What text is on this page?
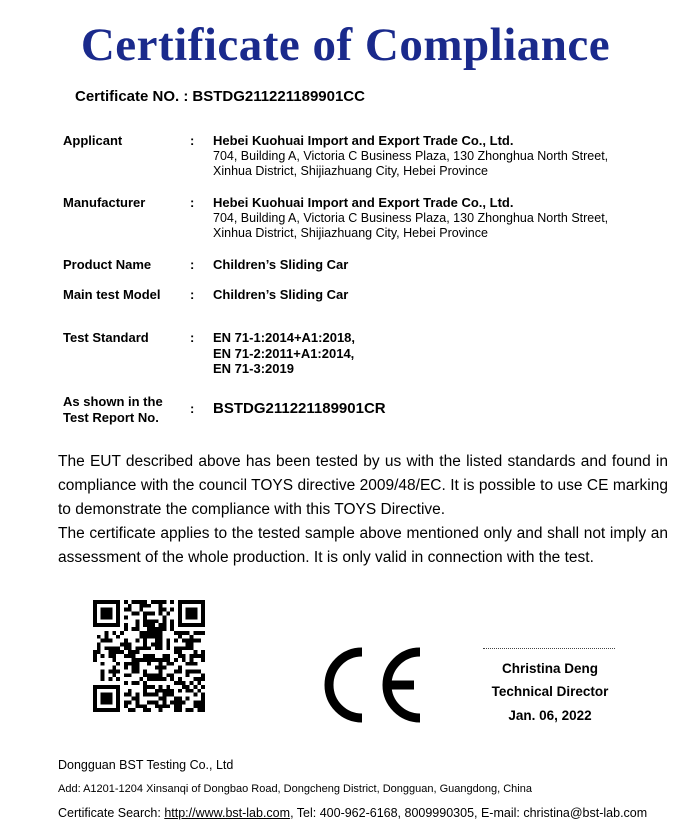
Certificate of Compliance
Certificate NO. : BSTDG211221189901CC
Applicant	: Hebei Kuohuai Import and Export Trade Co., Ltd.
704, Building A, Victoria C Business Plaza, 130 Zhonghua North Street,
Xinhua District, Shijiazhuang City, Hebei Province
Manufacturer	: Hebei Kuohuai Import and Export Trade Co., Ltd.
704, Building A, Victoria C Business Plaza, 130 Zhonghua North Street,
Xinhua District, Shijiazhuang City, Hebei Province
Product Name	: Children’s Sliding Car
Main test Model	: Children’s Sliding Car
Test Standard	: EN 71-1:2014+A1:2018,
EN 71-2:2011+A1:2014,
EN 71-3:2019
As shown in the
Test Report No.
: BSTDG211221189901CR

The EUT described above has been tested by us with the listed standards and found in compliance with the council TOYS directive 2009/48/EC. It is possible to use CE marking to demonstrate the compliance with this TOYS Directive.

The certificate applies to the tested sample above mentioned only and shall not imply an assessment of the whole production. It is only valid in connection with the test.

Christina Deng
Technical Director
Jan. 06, 2022
Dongguan BST Testing Co., Ltd
Add: A1201-1204 Xinsanqi of Dongbao Road, Dongcheng District, Dongguan, Guangdong, China
Certificate Search: http://www.bst-lab.com, Tel: 400-962-6168, 8009990305, E-mail: christina@bst-lab.com
